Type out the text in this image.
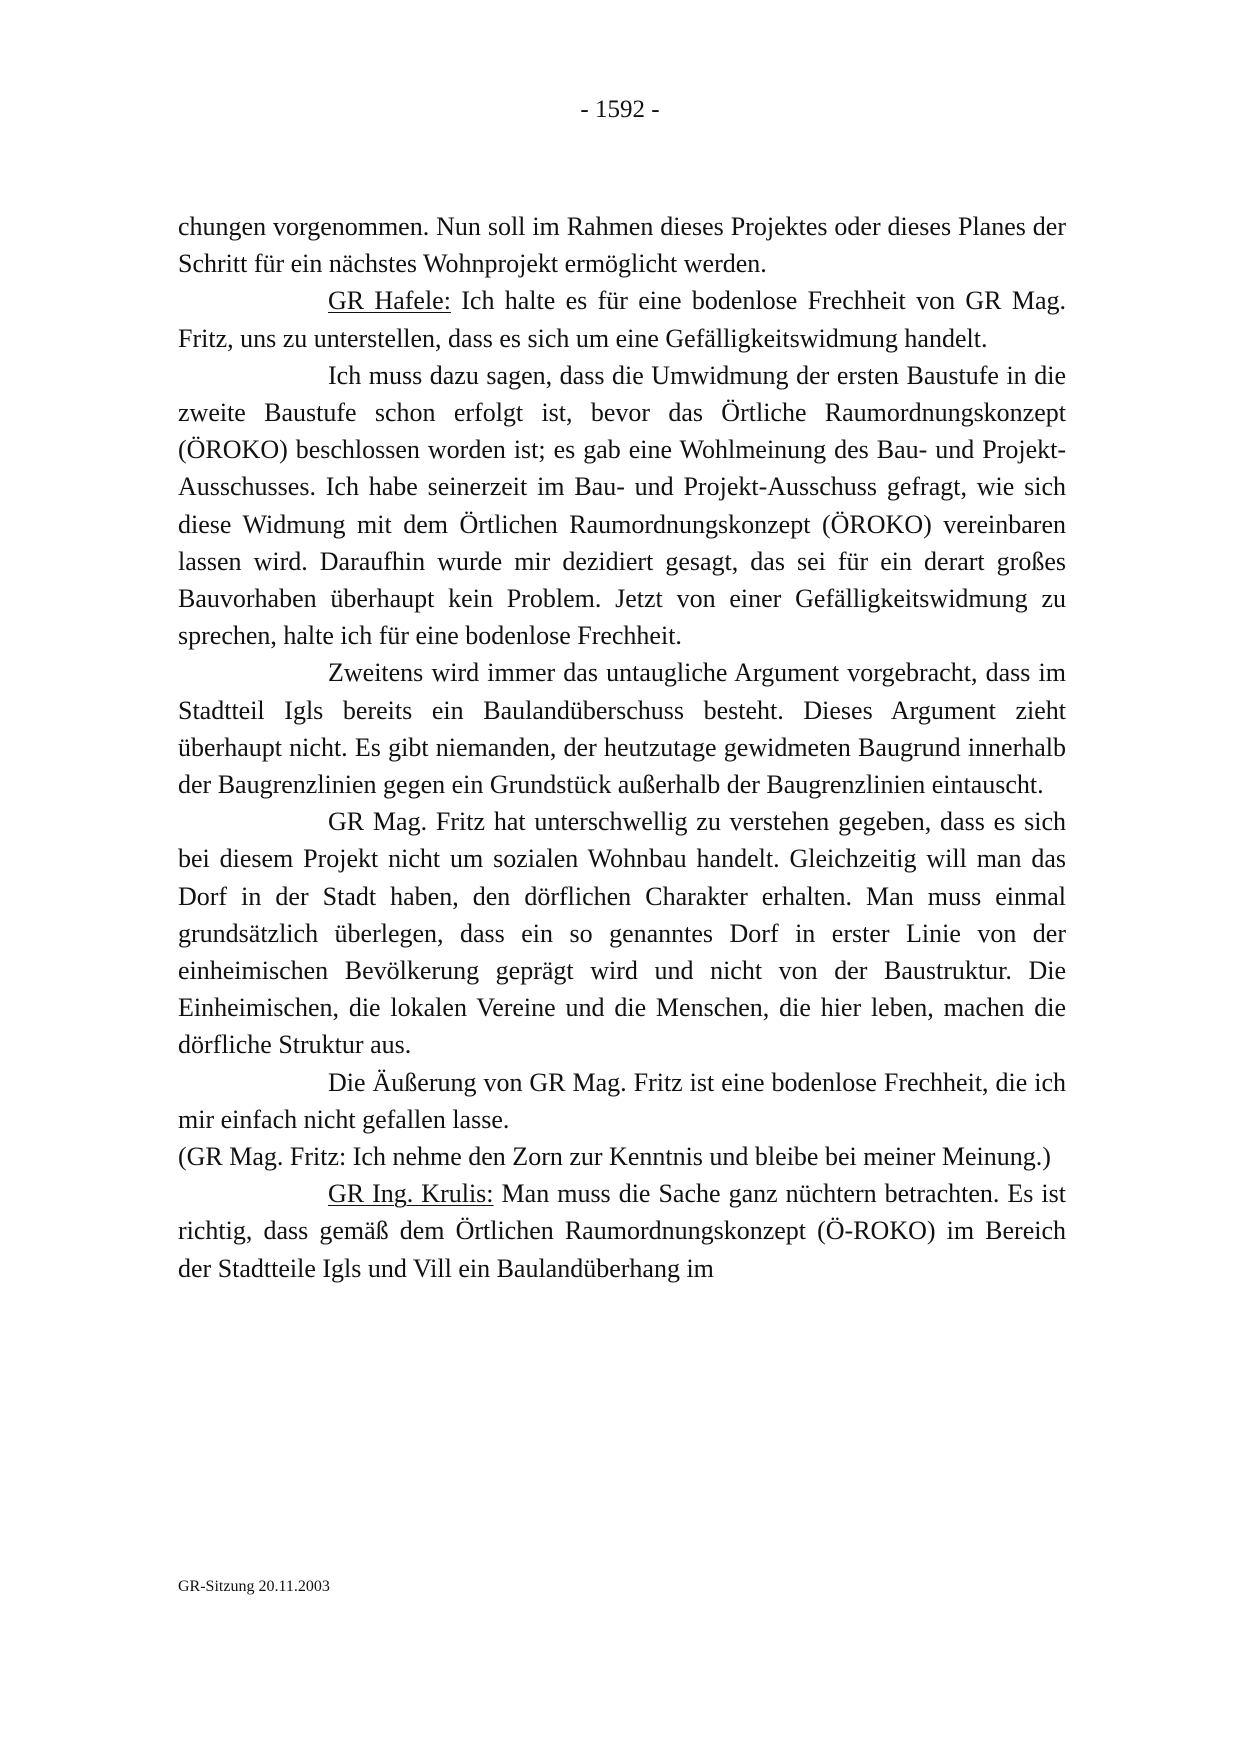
- 1592 -

chungen vorgenommen. Nun soll im Rahmen dieses Projektes oder dieses Planes der Schritt für ein nächstes Wohnprojekt ermöglicht werden.

GR Hafele: Ich halte es für eine bodenlose Frechheit von GR Mag. Fritz, uns zu unterstellen, dass es sich um eine Gefälligkeitswidmung handelt.

Ich muss dazu sagen, dass die Umwidmung der ersten Baustufe in die zweite Baustufe schon erfolgt ist, bevor das Örtliche Raumordnungskonzept (ÖROKO) beschlossen worden ist; es gab eine Wohlmeinung des Bau- und Projekt-Ausschusses. Ich habe seinerzeit im Bau- und Projekt-Ausschuss gefragt, wie sich diese Widmung mit dem Örtlichen Raumordnungskonzept (ÖROKO) vereinbaren lassen wird. Daraufhin wurde mir dezidiert gesagt, das sei für ein derart großes Bauvorhaben überhaupt kein Problem. Jetzt von einer Gefälligkeitswidmung zu sprechen, halte ich für eine bodenlose Frechheit.

Zweitens wird immer das untaugliche Argument vorgebracht, dass im Stadtteil Igls bereits ein Baulandüberschuss besteht. Dieses Argument zieht überhaupt nicht. Es gibt niemanden, der heutzutage gewidmeten Baugrund innerhalb der Baugrenzlinien gegen ein Grundstück außerhalb der Baugrenzlinien eintauscht.

GR Mag. Fritz hat unterschwellig zu verstehen gegeben, dass es sich bei diesem Projekt nicht um sozialen Wohnbau handelt. Gleichzeitig will man das Dorf in der Stadt haben, den dörflichen Charakter erhalten. Man muss einmal grundsätzlich überlegen, dass ein so genanntes Dorf in erster Linie von der einheimischen Bevölkerung geprägt wird und nicht von der Baustruktur. Die Einheimischen, die lokalen Vereine und die Menschen, die hier leben, machen die dörfliche Struktur aus.

Die Äußerung von GR Mag. Fritz ist eine bodenlose Frechheit, die ich mir einfach nicht gefallen lasse.

(GR Mag. Fritz: Ich nehme den Zorn zur Kenntnis und bleibe bei meiner Meinung.)

GR Ing. Krulis: Man muss die Sache ganz nüchtern betrachten. Es ist richtig, dass gemäß dem Örtlichen Raumordnungskonzept (Ö-ROKO) im Bereich der Stadtteile Igls und Vill ein Baulandüberhang im

GR-Sitzung 20.11.2003
